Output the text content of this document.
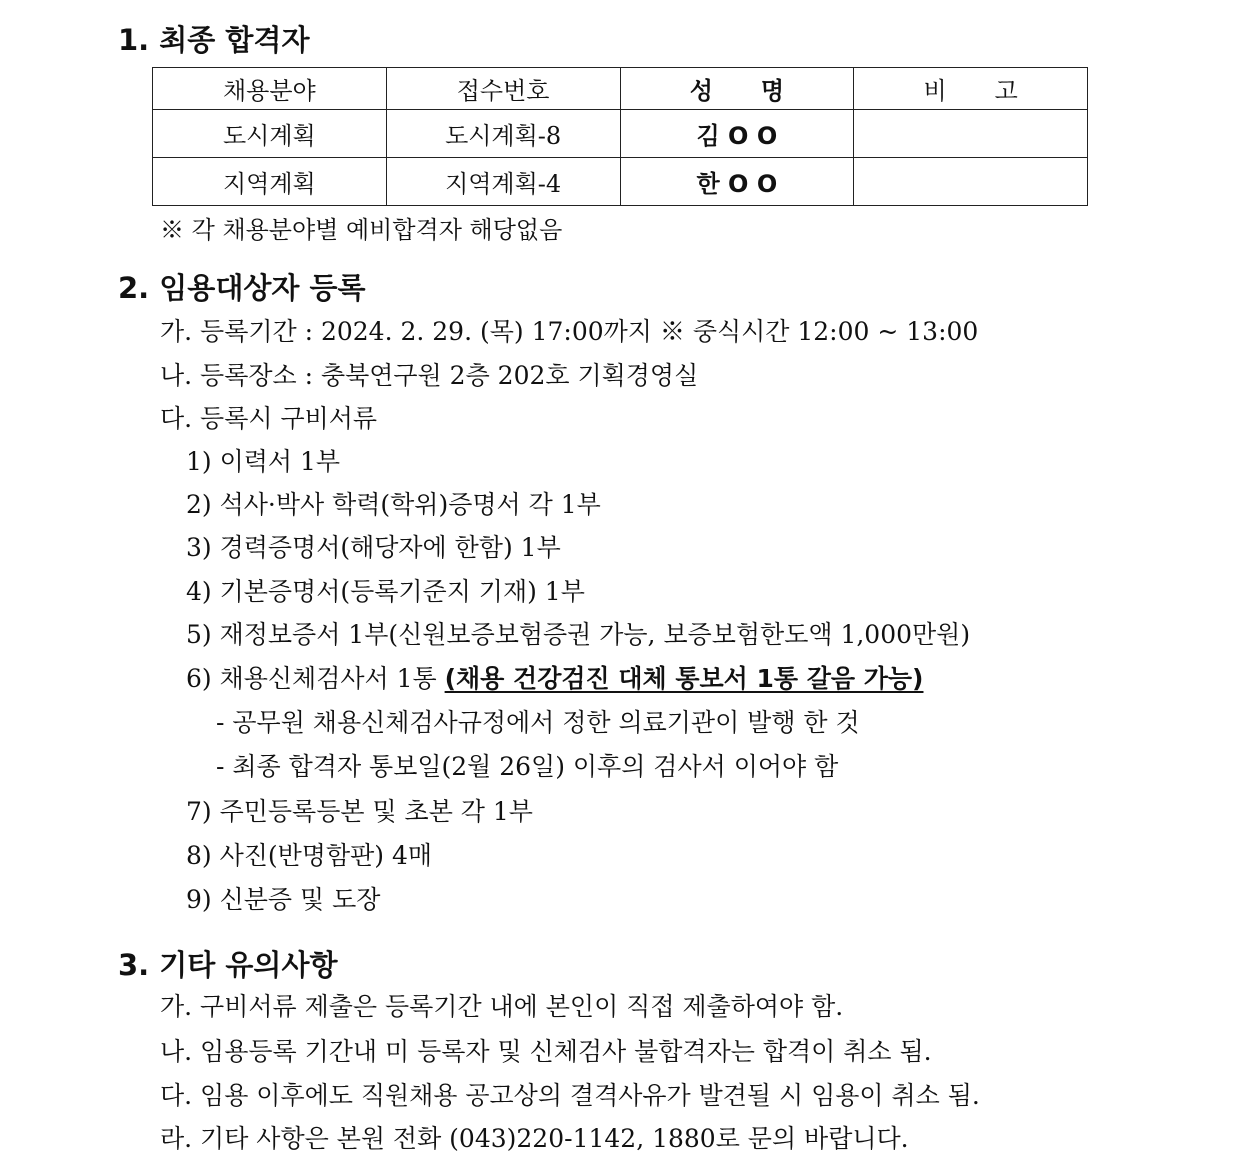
1. 최종 합격자
채용분야	접수번호	성　　명	비　　고
도시계획	도시계획-8	김 O O	
지역계획	지역계획-4	한 O O	
※ 각 채용분야별 예비합격자 해당없음
2. 임용대상자 등록
가. 등록기간 : 2024. 2. 29. (목) 17:00까지 ※ 중식시간 12:00 ~ 13:00
나. 등록장소 : 충북연구원 2층 202호 기획경영실
다. 등록시 구비서류
1) 이력서 1부
2) 석사·박사 학력(학위)증명서 각 1부
3) 경력증명서(해당자에 한함) 1부
4) 기본증명서(등록기준지 기재) 1부
5) 재정보증서 1부(신원보증보험증권 가능, 보증보험한도액 1,000만원)
6) 채용신체검사서 1통 (채용 건강검진 대체 통보서 1통 갈음 가능)
- 공무원 채용신체검사규정에서 정한 의료기관이 발행 한 것
- 최종 합격자 통보일(2월 26일) 이후의 검사서 이어야 함
7) 주민등록등본 및 초본 각 1부
8) 사진(반명함판) 4매
9) 신분증 및 도장
3. 기타 유의사항
가. 구비서류 제출은 등록기간 내에 본인이 직접 제출하여야 함.
나. 임용등록 기간내 미 등록자 및 신체검사 불합격자는 합격이 취소 됨.
다. 임용 이후에도 직원채용 공고상의 결격사유가 발견될 시 임용이 취소 됨.
라. 기타 사항은 본원 전화 (043)220-1142, 1880로 문의 바랍니다.
